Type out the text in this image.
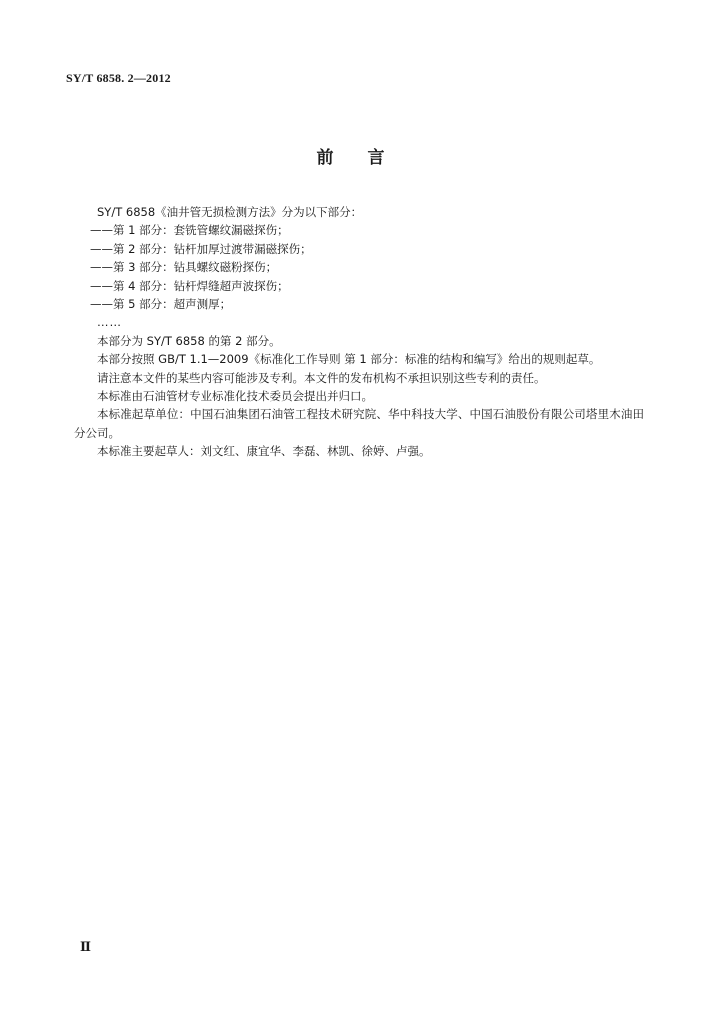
SY/T 6858. 2—2012
前言

SY/T 6858《油井管无损检测方法》分为以下部分：

——第 1 部分：套铣管螺纹漏磁探伤；

——第 2 部分：钻杆加厚过渡带漏磁探伤；

——第 3 部分：钻具螺纹磁粉探伤；

——第 4 部分：钻杆焊缝超声波探伤；

——第 5 部分：超声测厚；

……

本部分为 SY/T 6858 的第 2 部分。

本部分按照 GB/T 1.1—2009《标准化工作导则 第 1 部分：标准的结构和编写》给出的规则起草。

请注意本文件的某些内容可能涉及专利。本文件的发布机构不承担识别这些专利的责任。

本标准由石油管材专业标准化技术委员会提出并归口。

本标准起草单位：中国石油集团石油管工程技术研究院、华中科技大学、中国石油股份有限公司塔里木油田分公司。

本标准主要起草人：刘文红、康宜华、李磊、林凯、徐婷、卢强。

Ⅱ
